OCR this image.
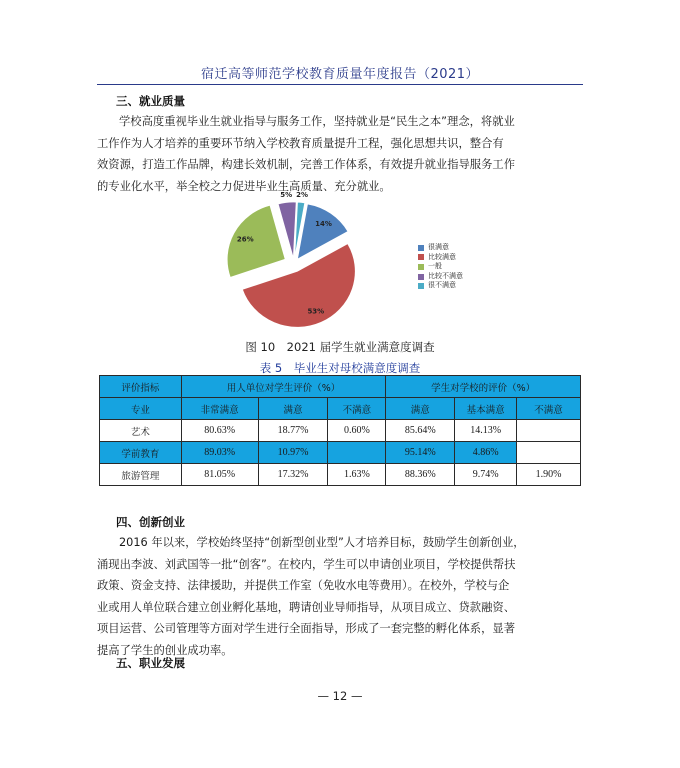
宿迁高等师范学校教育质量年度报告（2021）
三、就业质量
学校高度重视毕业生就业指导与服务工作，坚持就业是“民生之本”理念，将就业
工作作为人才培养的重要环节纳入学校教育质量提升工程，强化思想共识，整合有
效资源，打造工作品牌，构建长效机制，完善工作体系，有效提升就业指导服务工作
的专业化水平，举全校之力促进毕业生高质量、充分就业。
14%
53%
26%
5% 2%
很满意
比较满意
一般
比较不满意
很不满意
图 10　2021 届学生就业满意度调查
表 5　毕业生对母校满意度调查
评价指标	用人单位对学生评价（%）			学生对学校的评价（%）		
专业	非常满意	满意	不满意	满意	基本满意	不满意
艺术	80.63%	18.77%	0.60%	85.64%	14.13%	
学前教育	89.03%	10.97%		95.14%	4.86%	
旅游管理	81.05%	17.32%	1.63%	88.36%	9.74%	1.90%
四、创新创业
2016 年以来，学校始终坚持“创新型创业型”人才培养目标，鼓励学生创新创业，
涌现出李波、刘武国等一批“创客”。在校内，学生可以申请创业项目，学校提供帮扶
政策、资金支持、法律援助，并提供工作室（免收水电等费用）。在校外，学校与企
业或用人单位联合建立创业孵化基地，聘请创业导师指导，从项目成立、贷款融资、
项目运营、公司管理等方面对学生进行全面指导，形成了一套完整的孵化体系，显著
提高了学生的创业成功率。
五、职业发展
— 12 —
